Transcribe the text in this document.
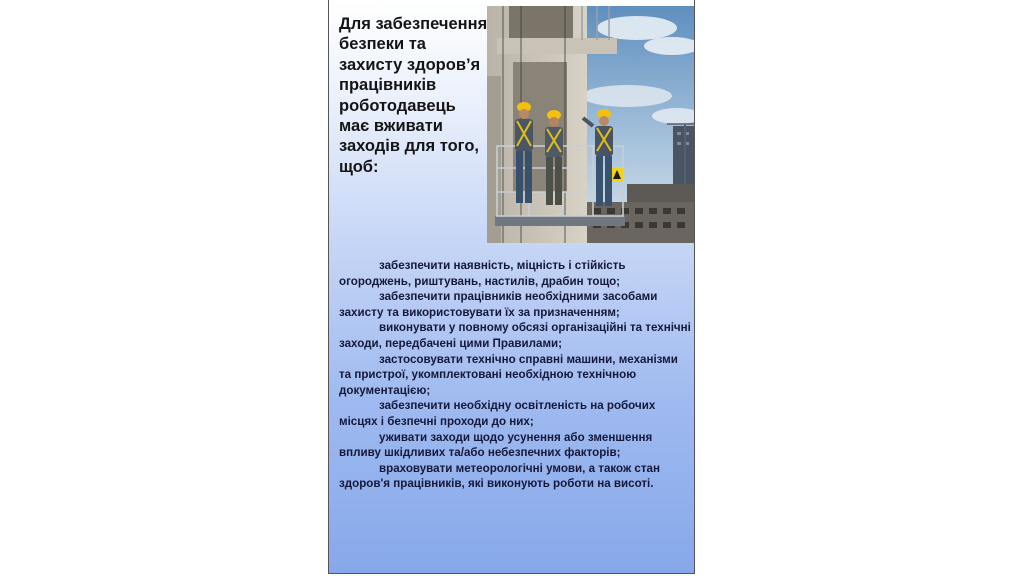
Для забезпечення безпеки та захисту здоров’я працівників роботодавець має вживати заходів для того, щоб:

забезпечити наявність, міцність і стійкість огороджень, риштувань, настилів, драбин тощо;

забезпечити працівників необхідними засобами захисту та використовувати їх за призначенням;

виконувати у повному обсязі організаційні та технічні заходи, передбачені цими Правилами;

застосовувати технічно справні машини, механізми та пристрої, укомплектовані необхідною технічною документацією;

забезпечити необхідну освітленість на робочих місцях і безпечні проходи до них;

уживати заходи щодо усунення або зменшення впливу шкідливих та/або небезпечних факторів;

враховувати метеорологічні умови, а також стан здоров'я працівників, які виконують роботи на висоті.
